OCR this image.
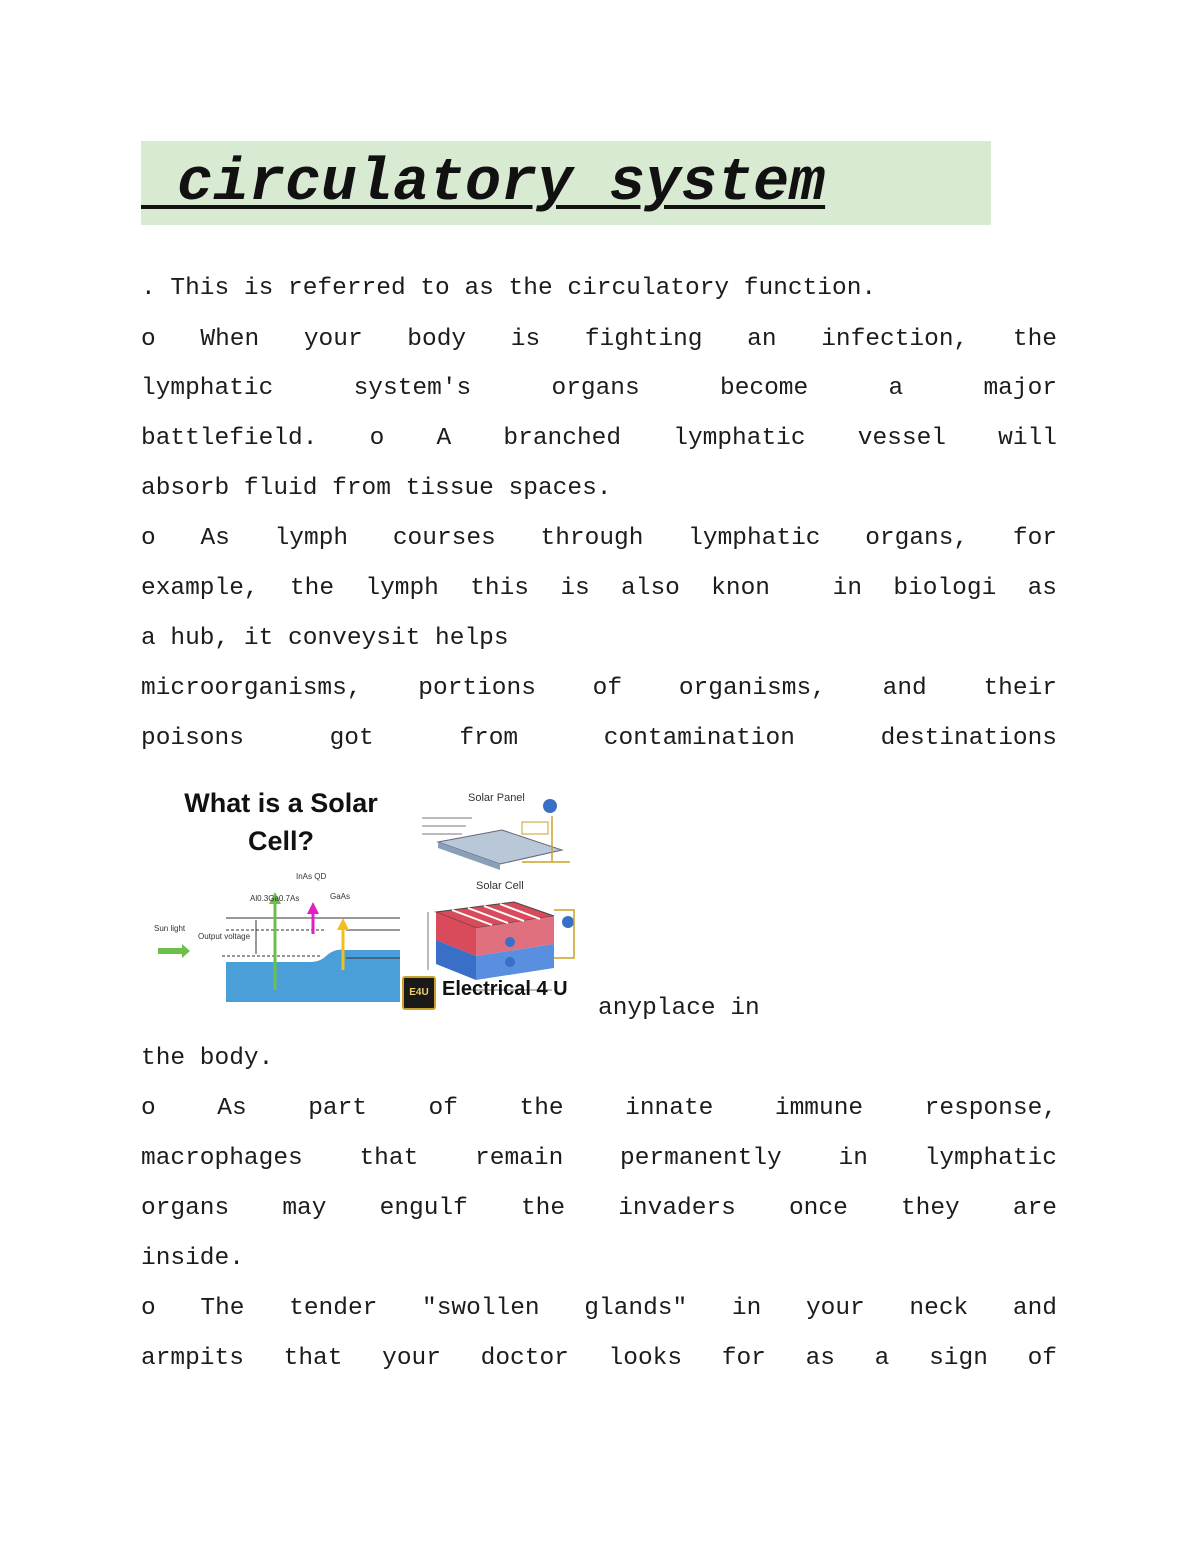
circulatory system
. This is referred to as the circulatory function.
o When your body is fighting an infection, the
lymphatic system's organs become a major
battlefield. o A branched lymphatic vessel will
absorb fluid from tissue spaces.
o As lymph courses through lymphatic organs, for
example, the lymph this is also knon  in biologi as
a hub, it conveysit helps
microorganisms, portions of organisms, and their
poisons got from contamination destinations
What is a Solar Cell?
InAs QD
Al0.3Ga0.7As	GaAs
Sun light
Output voltage
Solar Panel
Solar Cell
E4U Electrical 4 U
anyplace in
the body.
o As part of the innate immune response,
macrophages that remain permanently in lymphatic
organs may engulf the invaders once they are
inside.
o The tender "swollen glands" in your neck and
armpits that your doctor looks for as a sign of
